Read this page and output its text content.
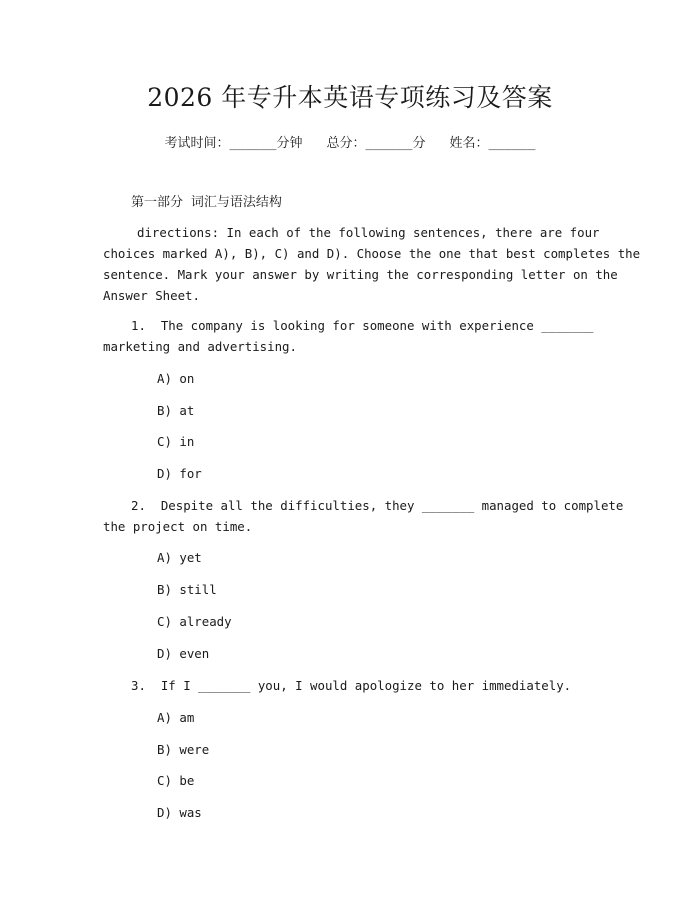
2026 年专升本英语专项练习及答案
考试时间：______分钟 总分：______分 姓名：______
第一部分 词汇与语法结构
directions: In each of the following sentences, there are four
choices marked A), B), C) and D). Choose the one that best completes the
sentence. Mark your answer by writing the corresponding letter on the
Answer Sheet.
1.  The company is looking for someone with experience _______
marketing and advertising.
A) on
B) at
C) in
D) for
2.  Despite all the difficulties, they _______ managed to complete
the project on time.
A) yet
B) still
C) already
D) even
3.  If I _______ you, I would apologize to her immediately.
A) am
B) were
C) be
D) was
